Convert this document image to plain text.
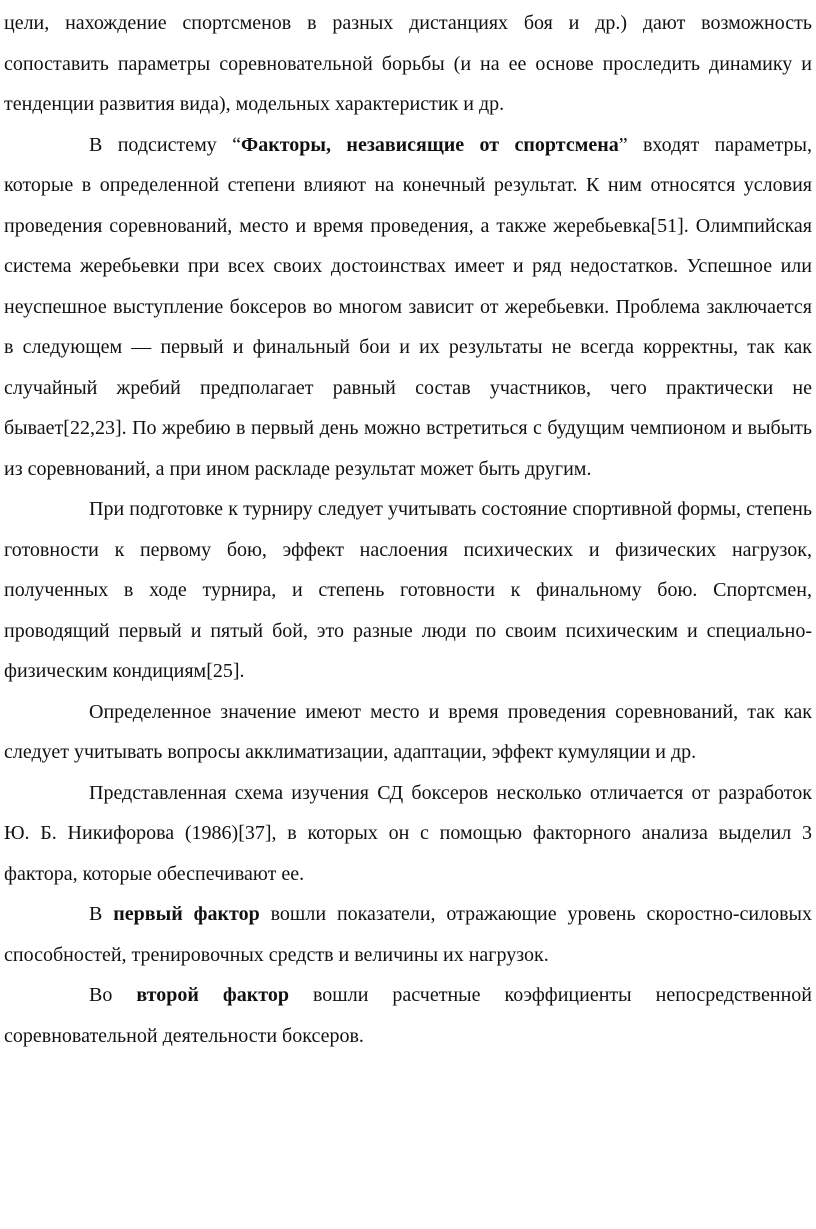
цели, нахождение спортсменов в разных дистанциях боя и др.) дают возможность сопоставить параметры соревновательной борьбы (и на ее основе проследить динамику и тенденции развития вида), модельных характеристик и др.

В подсистему “Факторы, независящие от спортсмена” входят параметры, которые в определенной степени влияют на конечный результат. К ним относятся условия проведения соревнований, место и время проведения, а также жеребьевка[51]. Олимпийская система жеребьевки при всех своих достоинствах имеет и ряд недостатков. Успешное или неуспешное выступление боксеров во многом зависит от жеребьевки. Проблема заключается в следующем — первый и финальный бои и их результаты не всегда корректны, так как случайный жребий предполагает равный состав участников, чего практически не бывает[22,23]. По жребию в первый день можно встретиться с будущим чемпионом и выбыть из соревнований, а при ином раскладе результат может быть другим.

При подготовке к турниру следует учитывать состояние спортивной формы, степень готовности к первому бою, эффект наслоения психических и физических нагрузок, полученных в ходе турнира, и степень готовности к финальному бою. Спортсмен, проводящий первый и пятый бой, это разные люди по своим психическим и специально-физическим кондициям[25].

Определенное значение имеют место и время проведения соревнований, так как следует учитывать вопросы акклиматизации, адаптации, эффект кумуляции и др.

Представленная схема изучения СД боксеров несколько отличается от разработок Ю. Б. Никифорова (1986)[37], в которых он с помощью факторного анализа выделил 3 фактора, которые обеспечивают ее.

В первый фактор вошли показатели, отражающие уровень скоростно-силовых способностей, тренировочных средств и величины их нагрузок.

Во второй фактор вошли расчетные коэффициенты непосредственной соревновательной деятельности боксеров.
